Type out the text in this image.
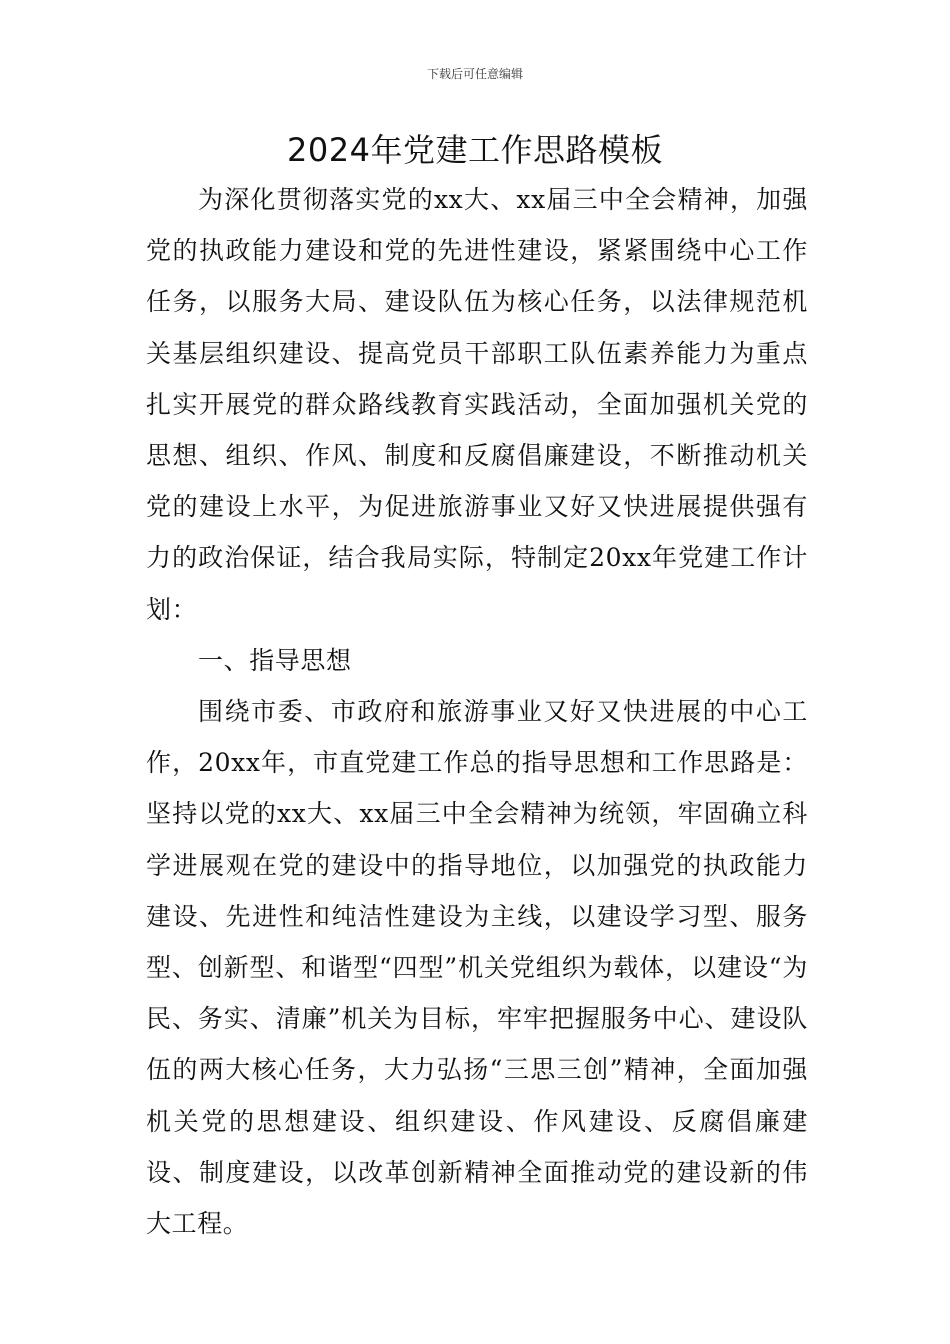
下载后可任意编辑
2024年党建工作思路模板

为深化贯彻落实党的xx大、xx届三中全会精神，加强党的执政能力建设和党的先进性建设，紧紧围绕中心工作任务，以服务大局、建设队伍为核心任务，以法律规范机关基层组织建设、提高党员干部职工队伍素养能力为重点扎实开展党的群众路线教育实践活动，全面加强机关党的思想、组织、作风、制度和反腐倡廉建设，不断推动机关党的建设上水平，为促进旅游事业又好又快进展提供强有力的政治保证，结合我局实际，特制定20xx年党建工作计划：

一、指导思想

围绕市委、市政府和旅游事业又好又快进展的中心工作，20xx年，市直党建工作总的指导思想和工作思路是：坚持以党的xx大、xx届三中全会精神为统领，牢固确立科学进展观在党的建设中的指导地位，以加强党的执政能力建设、先进性和纯洁性建设为主线，以建设学习型、服务型、创新型、和谐型“四型”机关党组织为载体，以建设“为民、务实、清廉”机关为目标，牢牢把握服务中心、建设队伍的两大核心任务，大力弘扬“三思三创”精神，全面加强机关党的思想建设、组织建设、作风建设、反腐倡廉建设、制度建设，以改革创新精神全面推动党的建设新的伟大工程。
